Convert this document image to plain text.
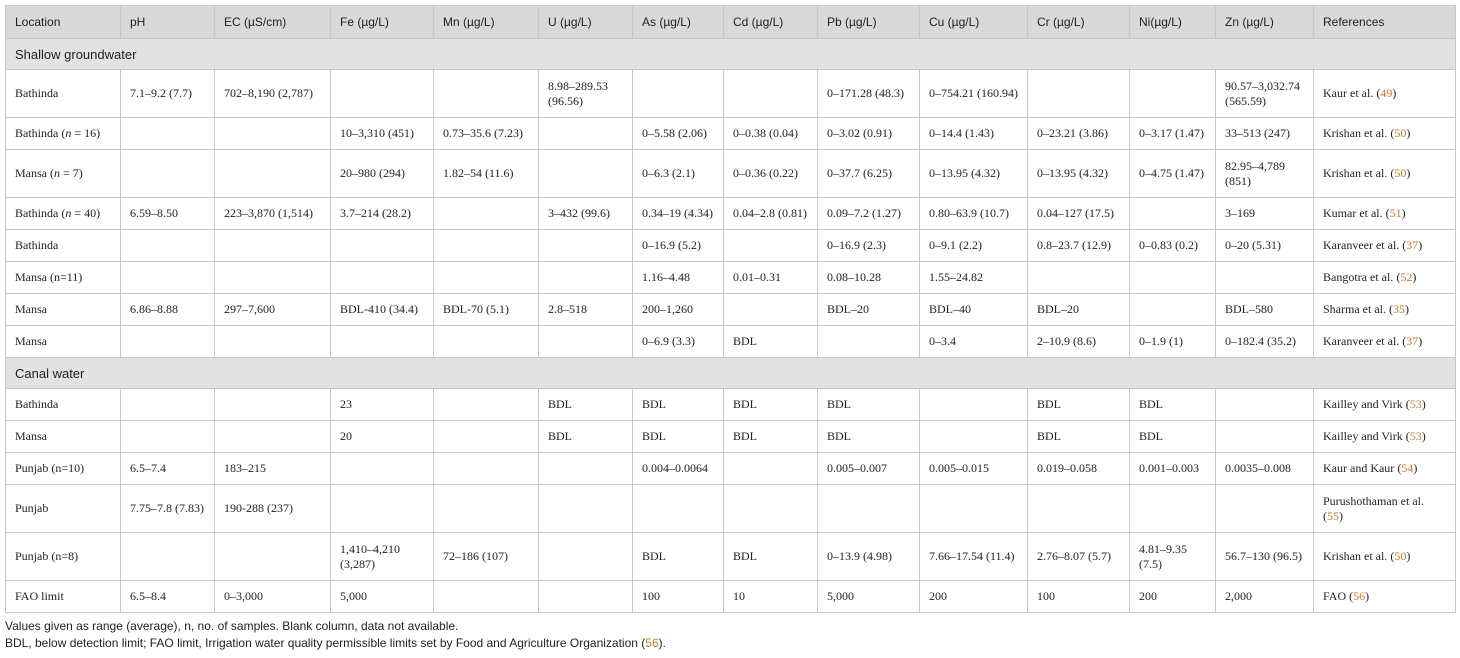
Location	pH	EC (µS/cm)	Fe (µg/L)	Mn (µg/L)	U (µg/L)	As (µg/L)	Cd (µg/L)	Pb (µg/L)	Cu (µg/L)	Cr (µg/L)	Ni(µg/L)	Zn (µg/L)	References
Shallow groundwater													
Bathinda	7.1–9.2 (7.7)	702–8,190 (2,787)			8.98–289.53 (96.56)			0–171.28 (48.3)	0–754.21 (160.94)			90.57–3,032.74 (565.59)	Kaur et al. (49)
Bathinda (n = 16)			10–3,310 (451)	0.73–35.6 (7.23)		0–5.58 (2.06)	0–0.38 (0.04)	0–3.02 (0.91)	0–14.4 (1.43)	0–23.21 (3.86)	0–3.17 (1.47)	33–513 (247)	Krishan et al. (50)
Mansa (n = 7)			20–980 (294)	1.82–54 (11.6)		0–6.3 (2.1)	0–0.36 (0.22)	0–37.7 (6.25)	0–13.95 (4.32)	0–13.95 (4.32)	0–4.75 (1.47)	82.95–4,789 (851)	Krishan et al. (50)
Bathinda (n = 40)	6.59–8.50	223–3,870 (1,514)	3.7–214 (28.2)		3–432 (99.6)	0.34–19 (4.34)	0.04–2.8 (0.81)	0.09–7.2 (1.27)	0.80–63.9 (10.7)	0.04–127 (17.5)		3–169	Kumar et al. (51)
Bathinda						0–16.9 (5.2)		0–16.9 (2.3)	0–9.1 (2.2)	0.8–23.7 (12.9)	0–0.83 (0.2)	0–20 (5.31)	Karanveer et al. (37)
Mansa (n=11)						1.16–4.48	0.01–0.31	0.08–10.28	1.55–24.82				Bangotra et al. (52)
Mansa	6.86–8.88	297–7,600	BDL-410 (34.4)	BDL-70 (5.1)	2.8–518	200–1,260		BDL–20	BDL–40	BDL–20		BDL–580	Sharma et al. (35)
Mansa						0–6.9 (3.3)	BDL		0–3.4	2–10.9 (8.6)	0–1.9 (1)	0–182.4 (35.2)	Karanveer et al. (37)
Canal water													
Bathinda			23		BDL	BDL	BDL	BDL		BDL	BDL		Kailley and Virk (53)
Mansa			20		BDL	BDL	BDL	BDL		BDL	BDL		Kailley and Virk (53)
Punjab (n=10)	6.5–7.4	183–215				0.004–0.0064		0.005–0.007	0.005–0.015	0.019–0.058	0.001–0.003	0.0035–0.008	Kaur and Kaur (54)
Punjab	7.75–7.8 (7.83)	190-288 (237)											Purushothaman et al. (55)
Punjab (n=8)			1,410–4,210 (3,287)	72–186 (107)		BDL	BDL	0–13.9 (4.98)	7.66–17.54 (11.4)	2.76–8.07 (5.7)	4.81–9.35 (7.5)	56.7–130 (96.5)	Krishan et al. (50)
FAO limit	6.5–8.4	0–3,000	5,000			100	10	5,000	200	100	200	2,000	FAO (56)
Values given as range (average), n, no. of samples. Blank column, data not available.
BDL, below detection limit; FAO limit, Irrigation water quality permissible limits set by Food and Agriculture Organization (56).
